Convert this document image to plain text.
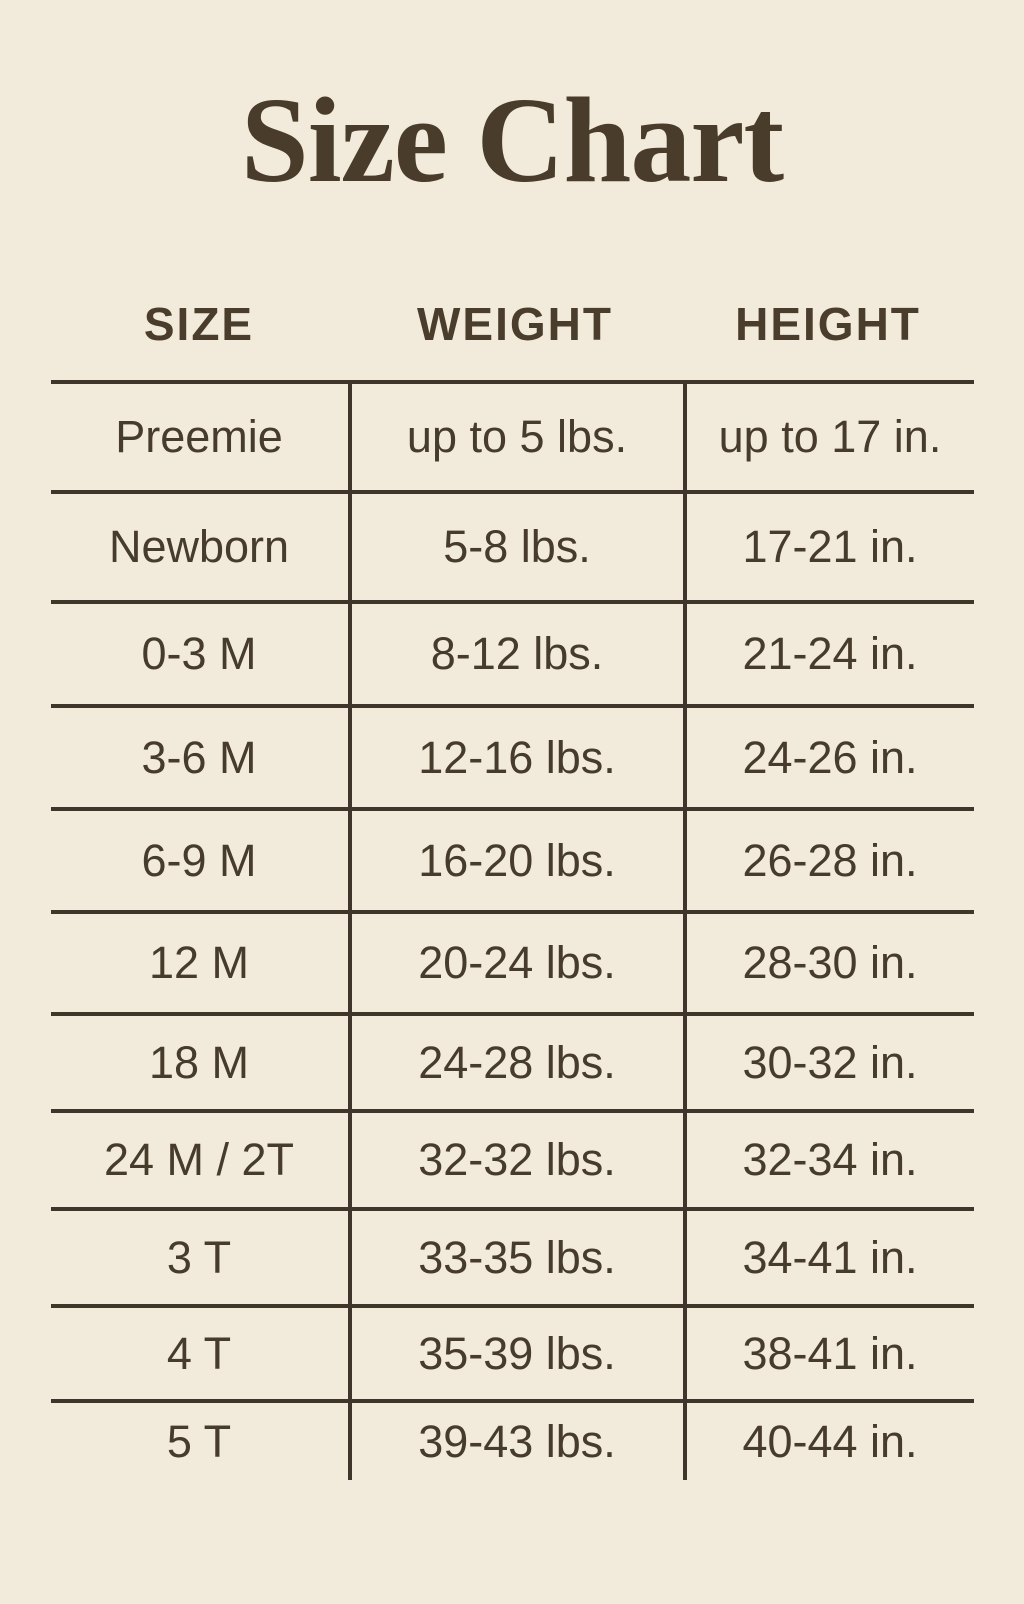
Size Chart
SIZE	WEIGHT	HEIGHT
Preemie	up to 5 lbs.	up to 17 in.
Newborn	5-8 lbs.	17-21 in.
0-3 M	8-12 lbs.	21-24 in.
3-6 M	12-16 lbs.	24-26 in.
6-9 M	16-20 lbs.	26-28 in.
12 M	20-24 lbs.	28-30 in.
18 M	24-28 lbs.	30-32 in.
24 M / 2T	32-32 lbs.	32-34 in.
3 T	33-35 lbs.	34-41 in.
4 T	35-39 lbs.	38-41 in.
5 T	39-43 lbs.	40-44 in.
